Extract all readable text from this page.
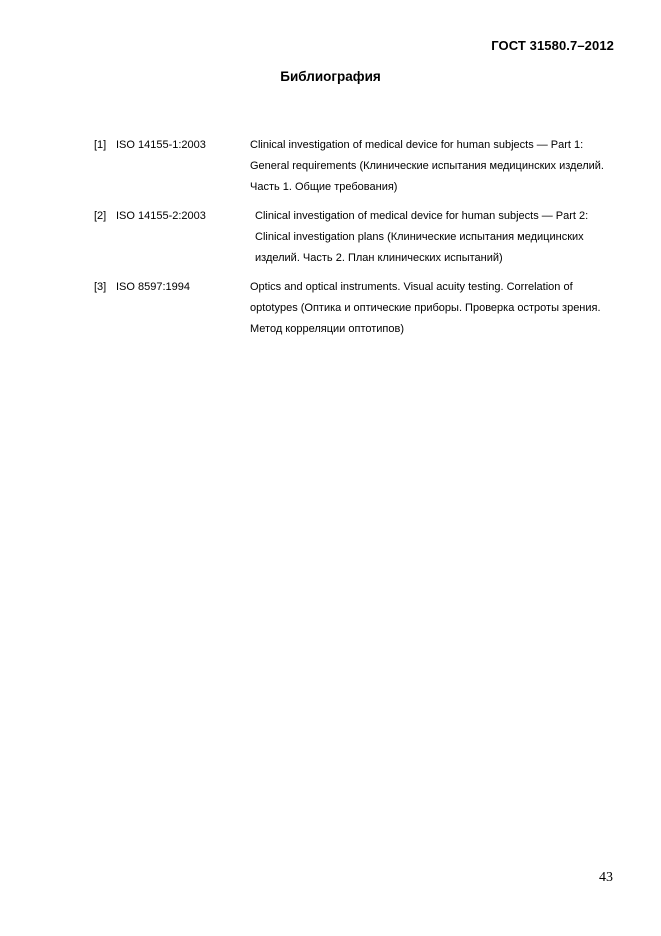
ГОСТ 31580.7–2012
Библиография
[1] ISO 14155-1:2003	Clinical investigation of medical device for human subjects — Part 1: General requirements (Клинические испытания медицинских изделий. Часть 1. Общие требования)
[2] ISO 14155-2:2003	Clinical investigation of medical device for human subjects — Part 2: Clinical investigation plans (Клинические испытания медицинских изделий. Часть 2. План клинических испытаний)
[3] ISO 8597:1994	Optics and optical instruments. Visual acuity testing. Correlation of optotypes (Оптика и оптические приборы. Проверка остроты зрения. Метод корреляции оптотипов)
43
